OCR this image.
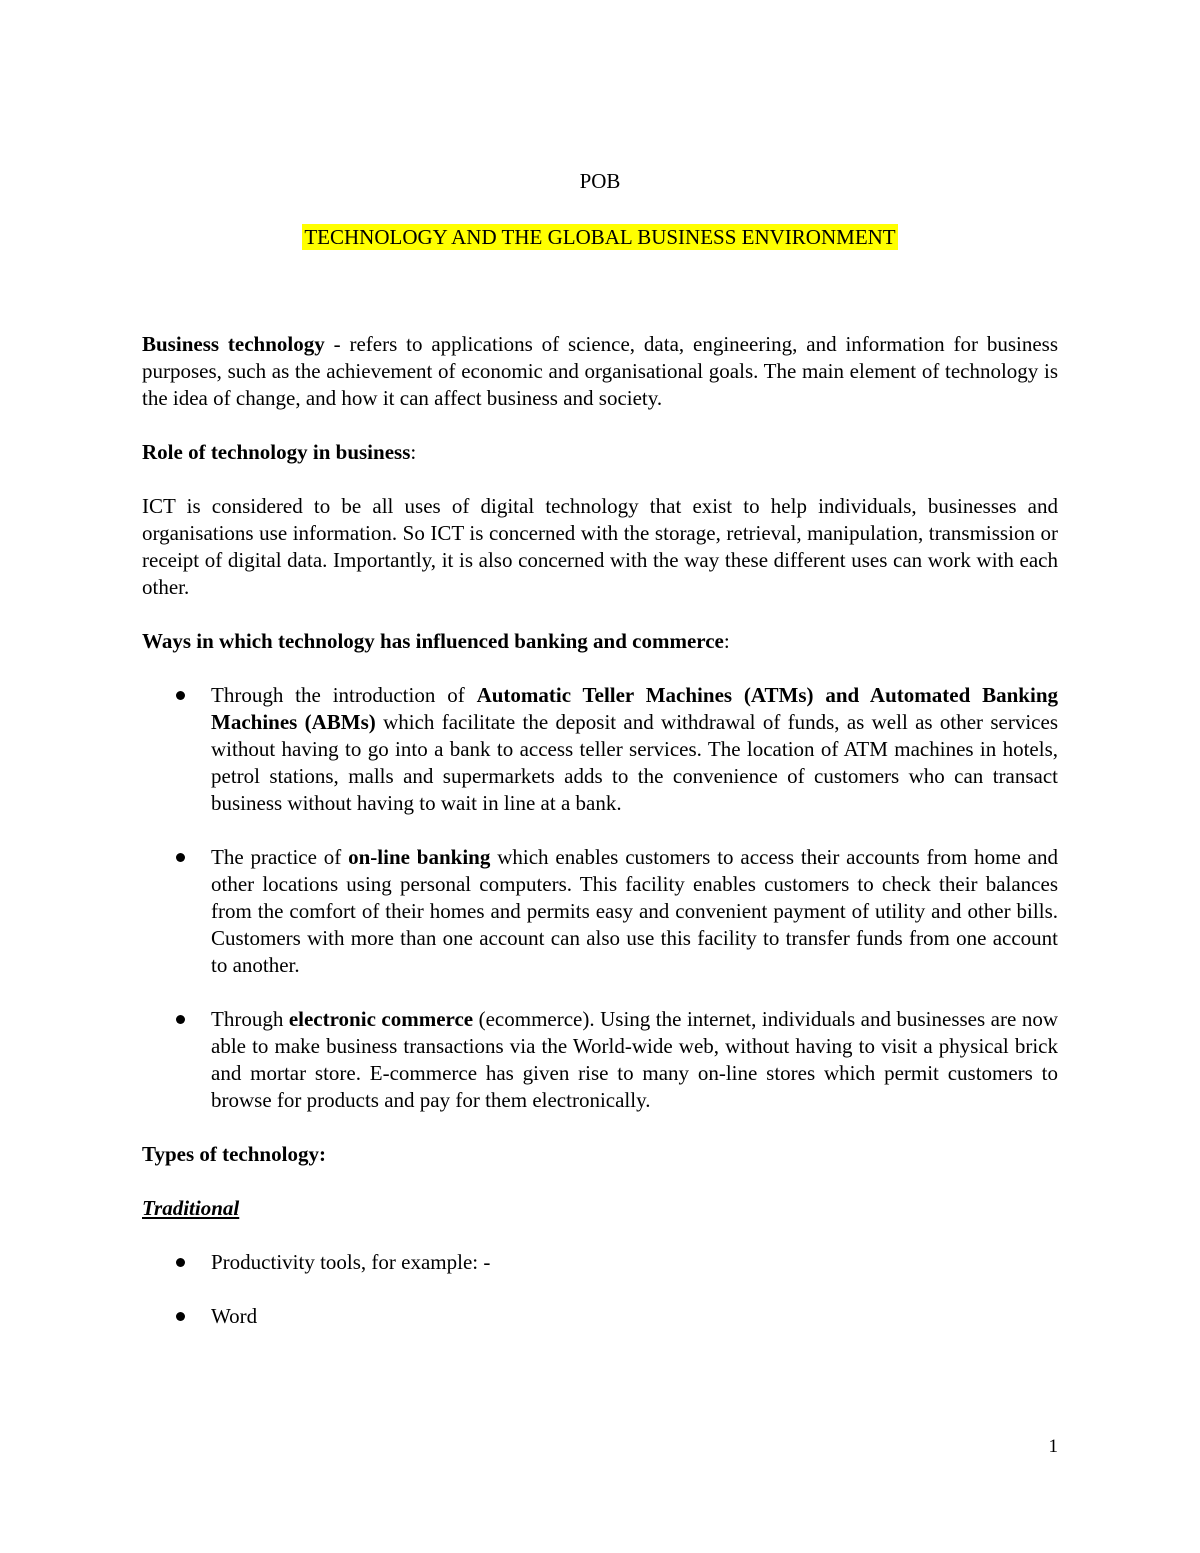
POB

TECHNOLOGY AND THE GLOBAL BUSINESS ENVIRONMENT

Business technology - refers to applications of science, data, engineering, and information for business purposes, such as the achievement of economic and organisational goals. The main element of technology is the idea of change, and how it can affect business and society.

Role of technology in business:

ICT is considered to be all uses of digital technology that exist to help individuals, businesses and organisations use information. So ICT is concerned with the storage, retrieval, manipulation, transmission or receipt of digital data. Importantly, it is also concerned with the way these different uses can work with each other.

Ways in which technology has influenced banking and commerce:

Through the introduction of Automatic Teller Machines (ATMs) and Automated Banking Machines (ABMs) which facilitate the deposit and withdrawal of funds, as well as other services without having to go into a bank to access teller services. The location of ATM machines in hotels, petrol stations, malls and supermarkets adds to the convenience of customers who can transact business without having to wait in line at a bank.
The practice of on-line banking which enables customers to access their accounts from home and other locations using personal computers. This facility enables customers to check their balances from the comfort of their homes and permits easy and convenient payment of utility and other bills. Customers with more than one account can also use this facility to transfer funds from one account to another.
Through electronic commerce (ecommerce). Using the internet, individuals and businesses are now able to make business transactions via the World-wide web, without having to visit a physical brick and mortar store. E-commerce has given rise to many on-line stores which permit customers to browse for products and pay for them electronically.

Types of technology:

Traditional

Productivity tools, for example: -
Word
1
